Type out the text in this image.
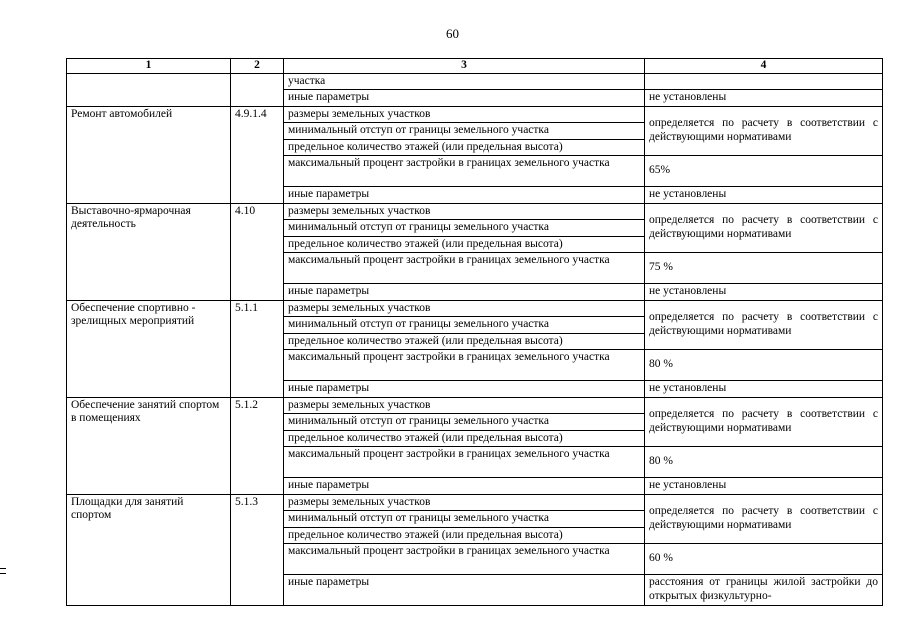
60
1	2	3	4
		участка	
		иные параметры	не установлены
Ремонт автомобилей	4.9.1.4	размеры земельных участков	определяется по расчету в соответствии с действующими нормативами
		минимальный отступ от границы земельного участка	
		предельное количество этажей (или предельная высота)	
		максимальный процент застройки в границах земельного участка	65%
		иные параметры	не установлены
Выставочно-ярмарочная деятельность	4.10	размеры земельных участков	определяется по расчету в соответствии с действующими нормативами
		минимальный отступ от границы земельного участка	
		предельное количество этажей (или предельная высота)	
		максимальный процент застройки в границах земельного участка	75 %
		иные параметры	не установлены
Обеспечение спортивно - зрелищных мероприятий	5.1.1	размеры земельных участков	определяется по расчету в соответствии с действующими нормативами
		минимальный отступ от границы земельного участка	
		предельное количество этажей (или предельная высота)	
		максимальный процент застройки в границах земельного участка	80 %
		иные параметры	не установлены
Обеспечение занятий спортом в помещениях	5.1.2	размеры земельных участков	определяется по расчету в соответствии с действующими нормативами
		минимальный отступ от границы земельного участка	
		предельное количество этажей (или предельная высота)	
		максимальный процент застройки в границах земельного участка	80 %
		иные параметры	не установлены
Площадки для занятий спортом	5.1.3	размеры земельных участков	определяется по расчету в соответствии с действующими нормативами
		минимальный отступ от границы земельного участка	
		предельное количество этажей (или предельная высота)	
		максимальный процент застройки в границах земельного участка	60 %
		иные параметры	расстояния от границы жилой застройки до открытых физкультурно-
